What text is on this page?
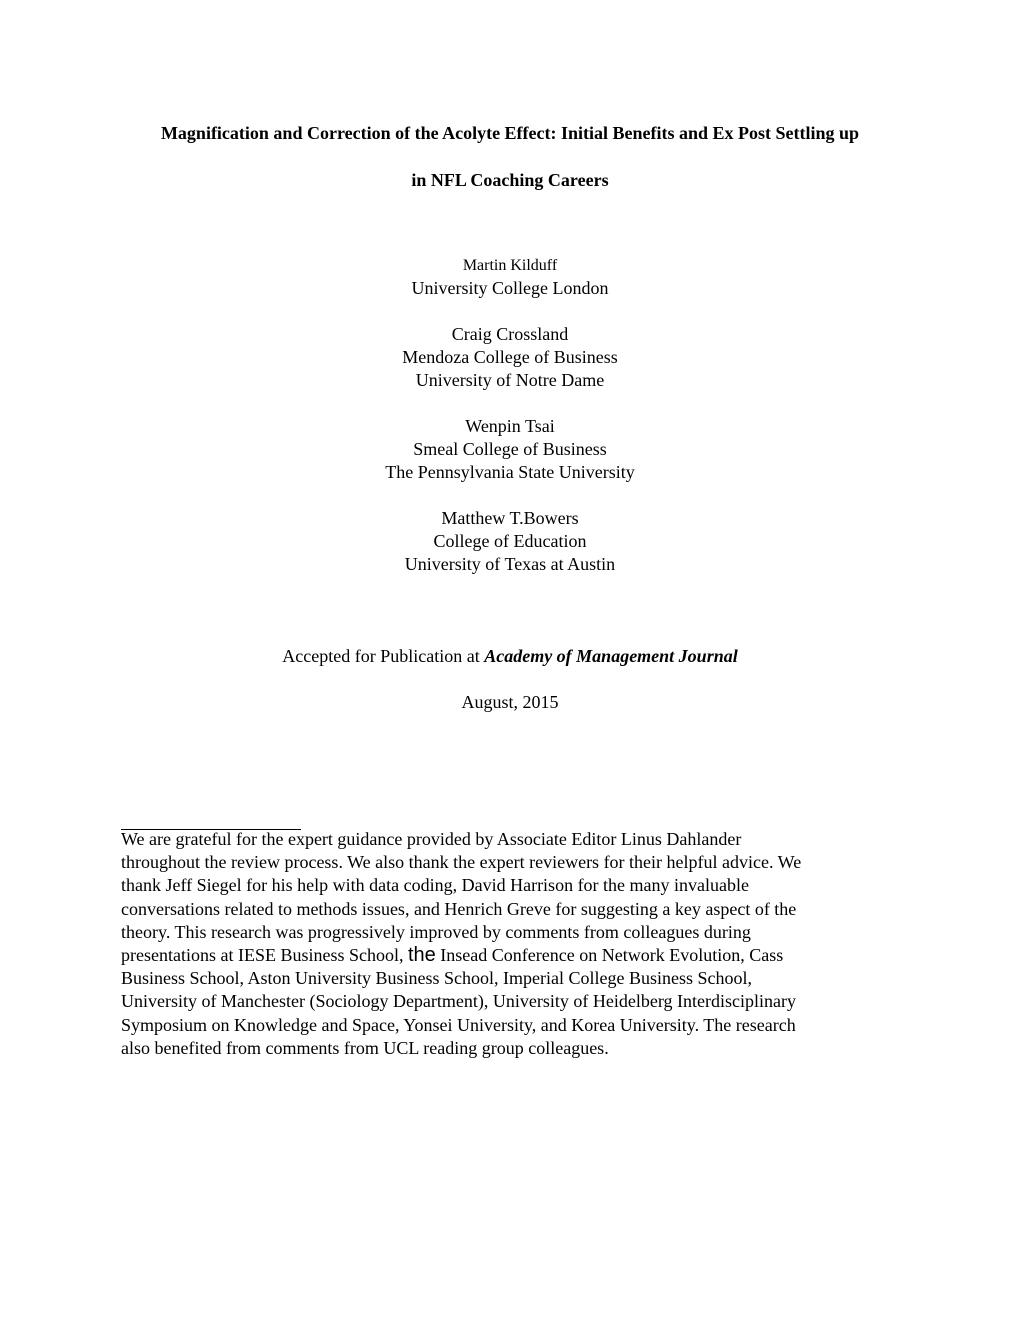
Magnification and Correction of the Acolyte Effect: Initial Benefits and Ex Post Settling up
in NFL Coaching Careers
Martin Kilduff
University College London
Craig Crossland
Mendoza College of Business
University of Notre Dame
Wenpin Tsai
Smeal College of Business
The Pennsylvania State University
Matthew T.Bowers
College of Education
University of Texas at Austin
Accepted for Publication at Academy of Management Journal
August, 2015
We are grateful for the expert guidance provided by Associate Editor Linus Dahlander
throughout the review process. We also thank the expert reviewers for their helpful advice. We
thank Jeff Siegel for his help with data coding, David Harrison for the many invaluable
conversations related to methods issues, and Henrich Greve for suggesting a key aspect of the
theory. This research was progressively improved by comments from colleagues during
presentations at IESE Business School, the Insead Conference on Network Evolution, Cass
Business School, Aston University Business School, Imperial College Business School,
University of Manchester (Sociology Department), University of Heidelberg Interdisciplinary
Symposium on Knowledge and Space, Yonsei University, and Korea University. The research
also benefited from comments from UCL reading group colleagues.
